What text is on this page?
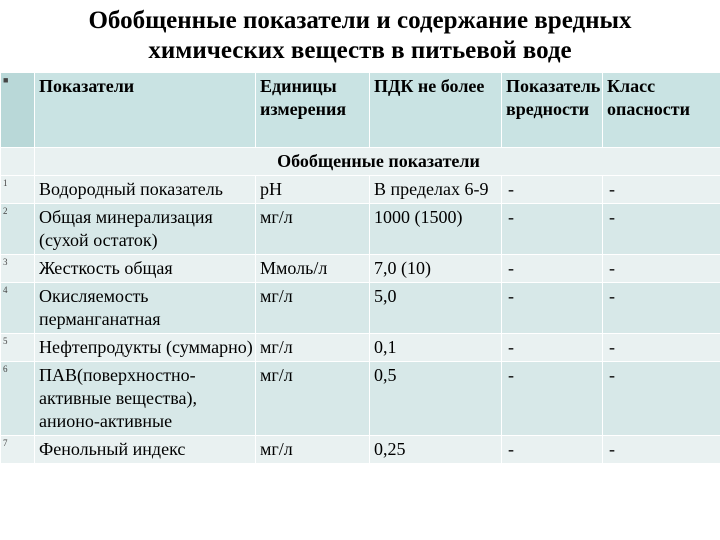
Обобщенные показатели и содержание вредных
химических веществ в питьевой воде
■	Показатели	Единицы измерения	ПДК не более	Показатель вредности	Класс опасности
	Обобщенные показатели				
1	Водородный показатель	pH	В пределах 6-9	-	-
2	Общая минерализация (сухой остаток)	мг/л	1000 (1500)	-	-
3	Жесткость общая	Ммоль/л	7,0 (10)	-	-
4	Окисляемость перманганатная	мг/л	5,0	-	-
5	Нефтепродукты (суммарно)	мг/л	0,1	-	-
6	ПАВ(поверхностно-активные вещества), анионо-активные	мг/л	0,5	-	-
7	Фенольный индекс	мг/л	0,25	-	-
